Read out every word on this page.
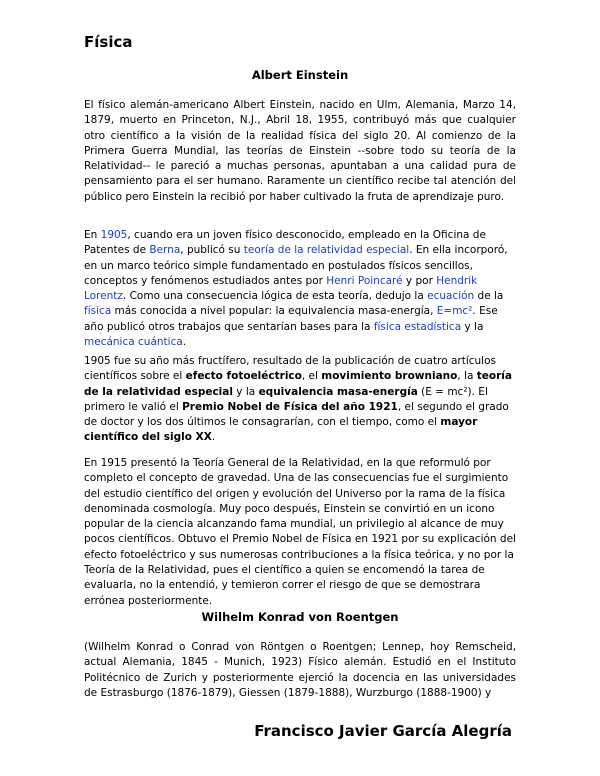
Física
Albert Einstein
El físico alemán-americano Albert Einstein, nacido en Ulm, Alemania, Marzo 14, 1879, muerto en Princeton, N.J., Abril 18, 1955, contribuyó más que cualquier otro científico a la visión de la realidad física del siglo 20. Al comienzo de la Primera Guerra Mundial, las teorías de Einstein --sobre todo su teoría de la Relatividad-- le pareció a muchas personas, apuntaban a una calidad pura de pensamiento para el ser humano. Raramente un científico recibe tal atención del público pero Einstein la recibió por haber cultivado la fruta de aprendizaje puro.
En 1905, cuando era un joven físico desconocido, empleado en la Oficina de Patentes de Berna, publicó su teoría de la relatividad especial. En ella incorporó, en un marco teórico simple fundamentado en postulados físicos sencillos, conceptos y fenómenos estudiados antes por Henri Poincaré y por Hendrik Lorentz. Como una consecuencia lógica de esta teoría, dedujo la ecuación de la física más conocida a nivel popular: la equivalencia masa-energía, E=mc². Ese año publicó otros trabajos que sentarían bases para la física estadística y la mecánica cuántica.
1905 fue su año más fructífero, resultado de la publicación de cuatro artículos científicos sobre el efecto fotoeléctrico, el movimiento browniano, la teoría de la relatividad especial y la equivalencia masa-energía (E = mc²). El primero le valió el Premio Nobel de Física del año 1921, el segundo el grado de doctor y los dos últimos le consagrarían, con el tiempo, como el mayor científico del siglo XX.
En 1915 presentó la Teoría General de la Relatividad, en la que reformuló por completo el concepto de gravedad. Una de las consecuencias fue el surgimiento del estudio científico del origen y evolución del Universo por la rama de la física denominada cosmología. Muy poco después, Einstein se convirtió en un icono popular de la ciencia alcanzando fama mundial, un privilegio al alcance de muy pocos científicos. Obtuvo el Premio Nobel de Física en 1921 por su explicación del efecto fotoeléctrico y sus numerosas contribuciones a la física teórica, y no por la Teoría de la Relatividad, pues el científico a quien se encomendó la tarea de evaluarla, no la entendió, y temieron correr el riesgo de que se demostrara errónea posteriormente.
Wilhelm Konrad von Roentgen
(Wilhelm Konrad o Conrad von Röntgen o Roentgen; Lennep, hoy Remscheid, actual Alemania, 1845 - Munich, 1923) Físico alemán. Estudió en el Instituto Politécnico de Zurich y posteriormente ejerció la docencia en las universidades de Estrasburgo (1876-1879), Giessen (1879-1888), Wurzburgo (1888-1900) y
Francisco Javier García Alegría
